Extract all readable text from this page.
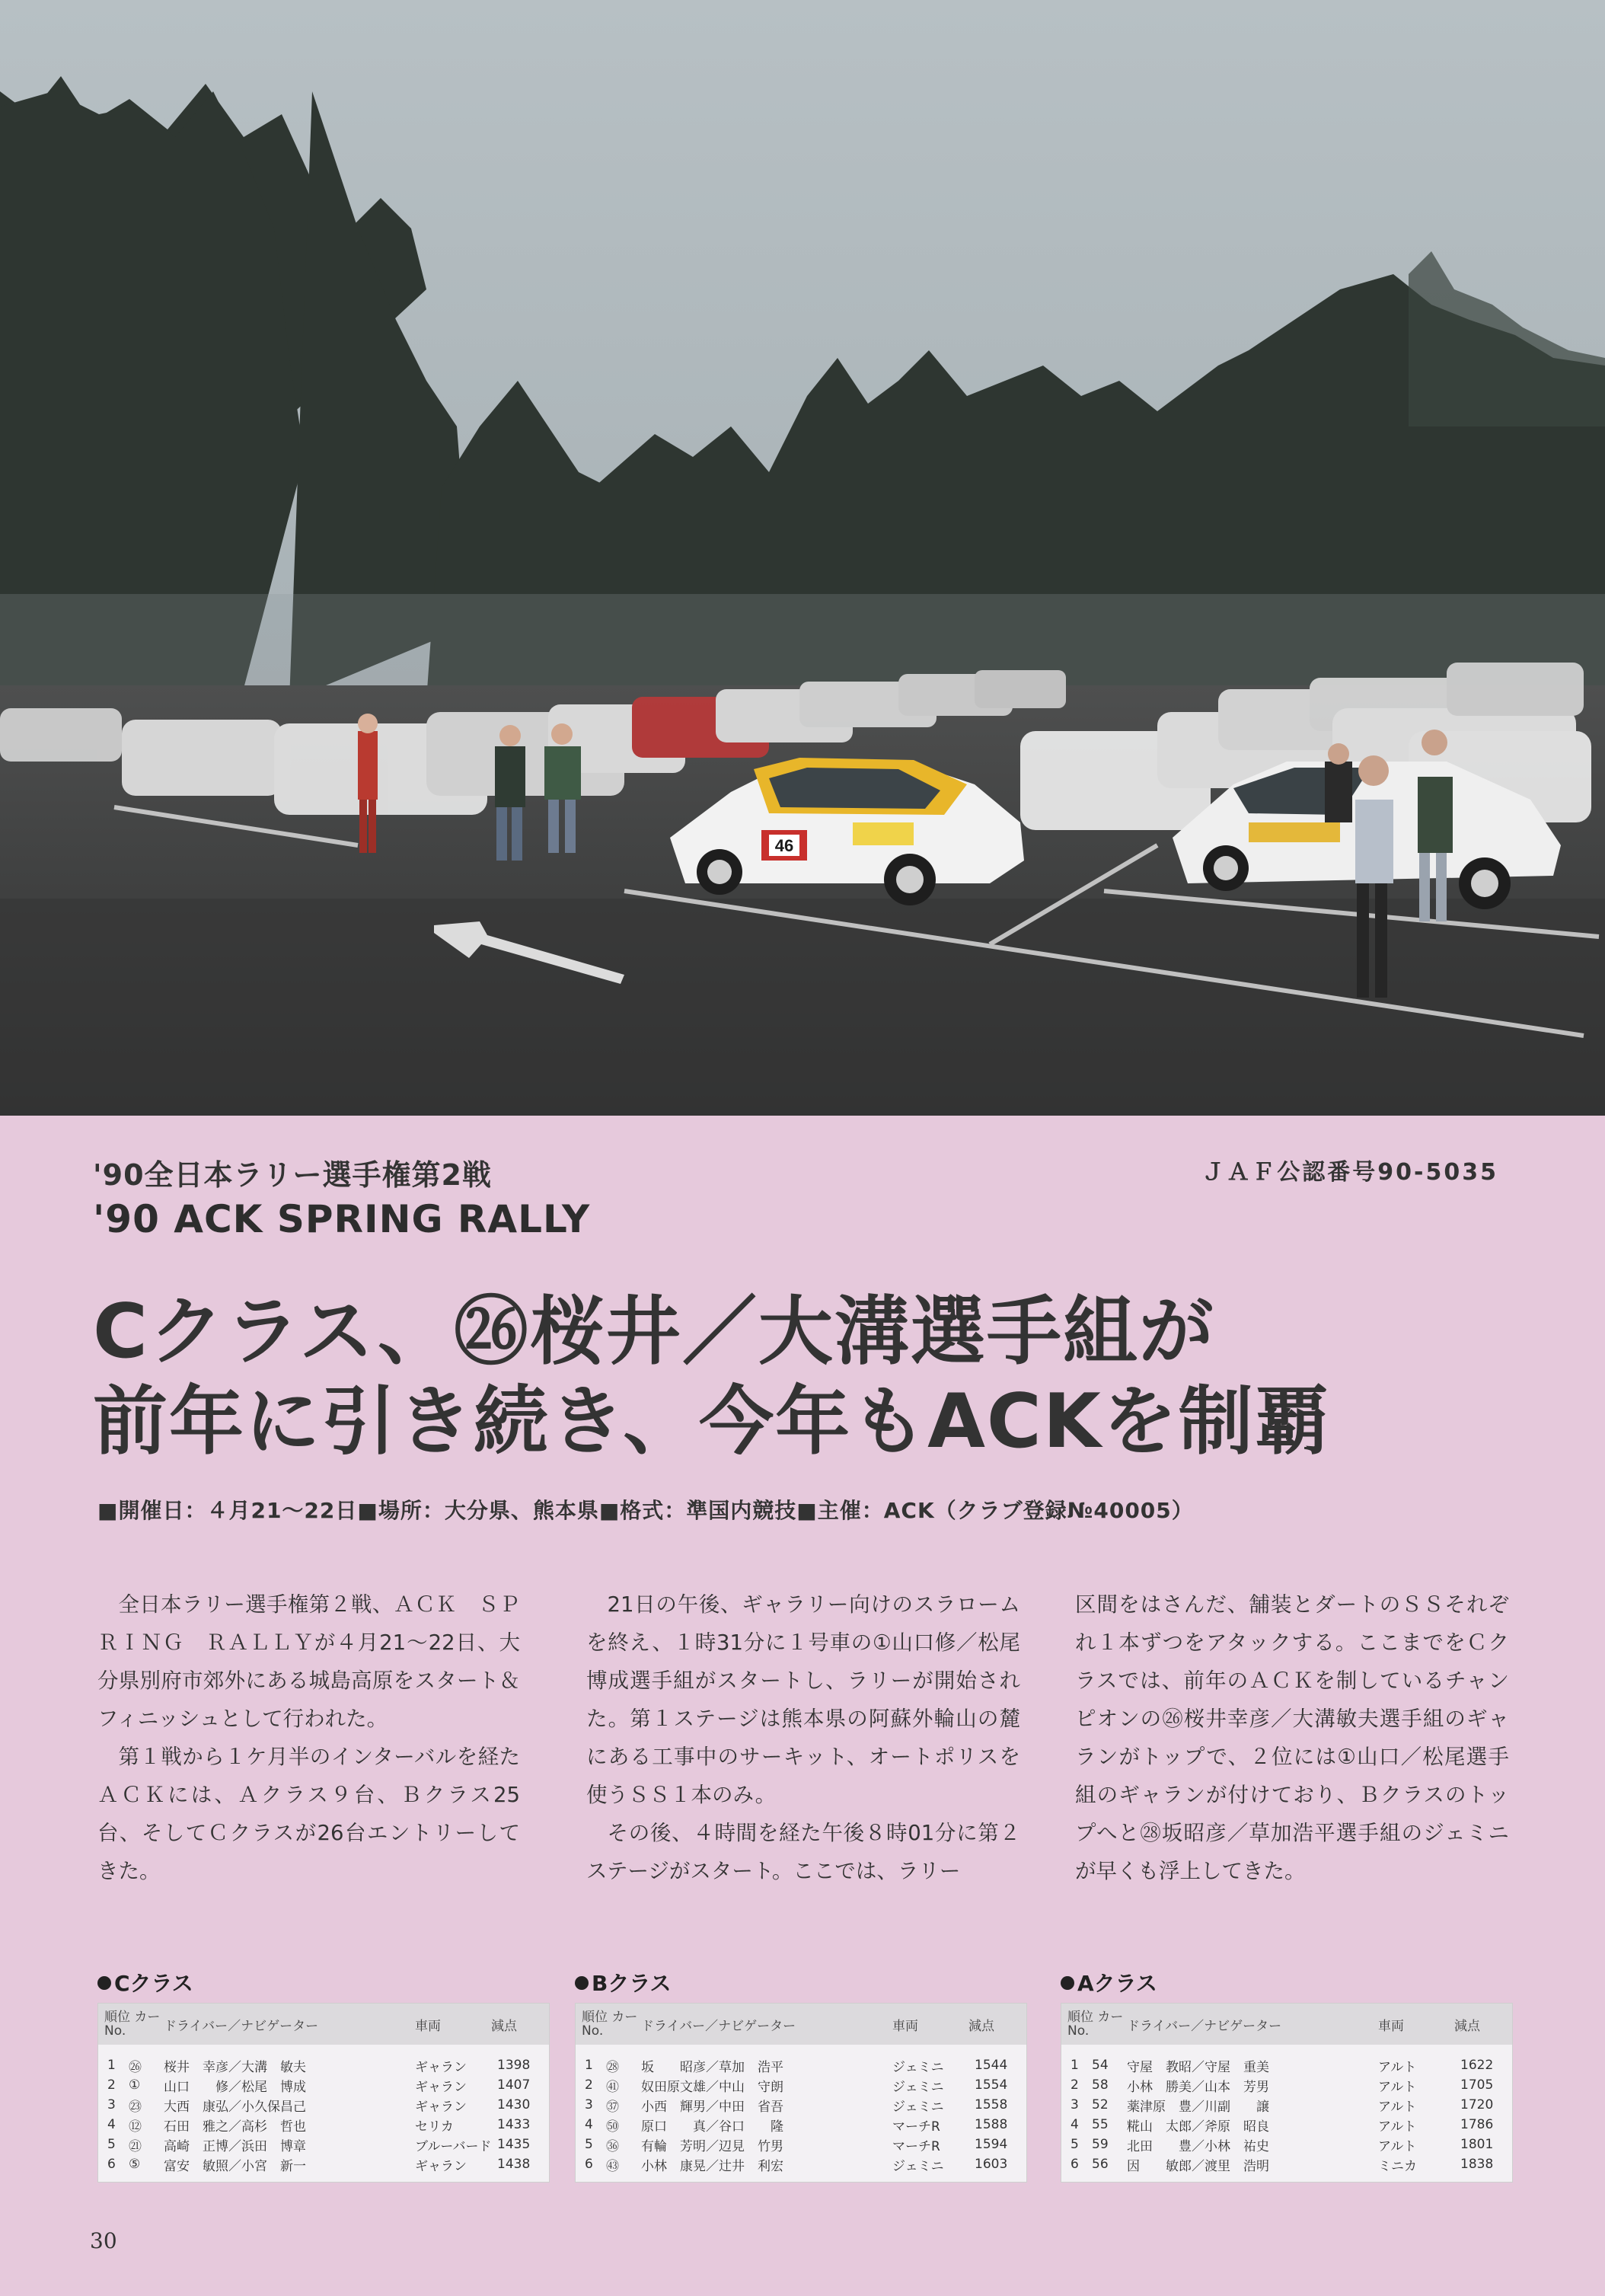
46
'90全日本ラリー選手権第2戦
'90 ACK SPRING RALLY
ＪＡＦ公認番号90-5035
Cクラス、㉖桜井／大溝選手組が
前年に引き続き、今年もACKを制覇
■開催日：４月21〜22日■場所：大分県、熊本県■格式：準国内競技■主催：ACK（クラブ登録№40005）

全日本ラリー選手権第２戦、ＡＣＫ　ＳＰＲＩＮＧ　ＲＡＬＬＹが４月21〜22日、大分県別府市郊外にある城島高原をスタート＆フィニッシュとして行われた。

第１戦から１ケ月半のインターバルを経たＡＣＫには、Ａクラス９台、Ｂクラス25台、そしてＣクラスが26台エントリーしてきた。

21日の午後、ギャラリー向けのスラロームを終え、１時31分に１号車の①山口修／松尾博成選手組がスタートし、ラリーが開始された。第１ステージは熊本県の阿蘇外輪山の麓にある工事中のサーキット、オートポリスを使うＳＳ１本のみ。

その後、４時間を経た午後８時01分に第２ステージがスタート。ここでは、ラリー

区間をはさんだ、舗装とダートのＳＳそれぞれ１本ずつをアタックする。ここまでをＣクラスでは、前年のＡＣＫを制しているチャンピオンの㉖桜井幸彦／大溝敏夫選手組のギャランがトップで、２位には①山口／松尾選手組のギャランが付けており、Ｂクラスのトップへと㉘坂昭彦／草加浩平選手組のジェミニが早くも浮上してきた。

Cクラス
順位 カーNo.	ドライバー／ナビゲーター	車両	減点
1	㉖	桜井　幸彦／大溝　敏夫	ギャラン	1398
2	①	山口　　修／松尾　博成	ギャラン	1407
3	㉓	大西　康弘／小久保昌己	ギャラン	1430
4	⑫	石田　雅之／高杉　哲也	セリカ	1433
5	㉑	高崎　正博／浜田　博章	ブルーバード 1435
6	⑤	富安　敏照／小宮　新一	ギャラン	1438
Bクラス
順位 カーNo.	ドライバー／ナビゲーター	車両	減点
1	㉘	坂　　昭彦／草加　浩平	ジェミニ	1544
2	㊶	奴田原文雄／中山　守朗	ジェミニ	1554
3	㊲	小西　輝男／中田　省吾	ジェミニ	1558
4	㊿	原口　　真／谷口　　隆	マーチR	1588
5	㊱	有輪　芳明／辺見　竹男	マーチR	1594
6	㊸	小林　康晃／辻井　利宏	ジェミニ	1603
Aクラス
順位 カーNo.	ドライバー／ナビゲーター	車両	減点
1	54	守屋　教昭／守屋　重美	アルト	1622
2	58	小林　勝美／山本　芳男	アルト	1705
3	52	薬津原　豊／川副　　譲	アルト	1720
4	55	糀山　太郎／斧原　昭良	アルト	1786
5	59	北田　　豊／小林　祐史	アルト	1801
6	56	因　　敏郎／渡里　浩明	ミニカ	1838
30
